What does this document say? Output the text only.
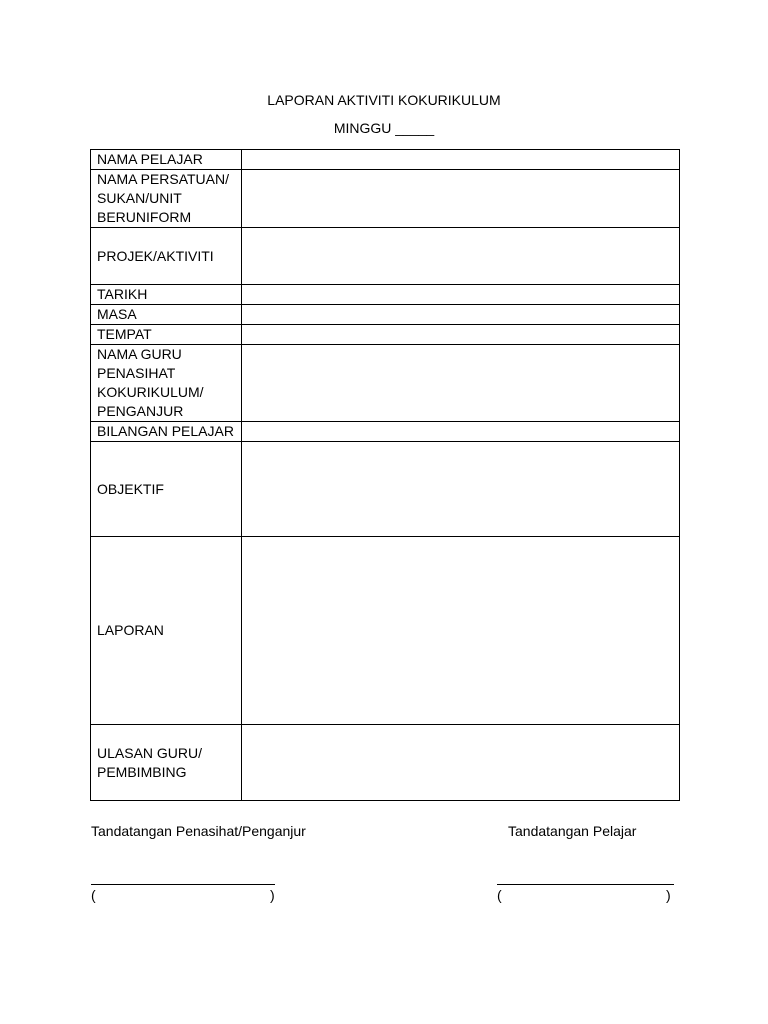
LAPORAN AKTIVITI KOKURIKULUM
MINGGU _____
NAMA PELAJAR	

NAMA PERSATUAN/
SUKAN/UNIT
BERUNIFORM	

PROJEK/AKTIVITI	

TARIKH	

MASA	

TEMPAT	

NAMA GURU
PENASIHAT
KOKURIKULUM/
PENGANJUR	

BILANGAN PELAJAR	

OBJEKTIF	

LAPORAN	

ULASAN GURU/
PEMBIMBING	

Tandatangan Penasihat/Penganjur
(	)
Tandatangan Pelajar
(	)
